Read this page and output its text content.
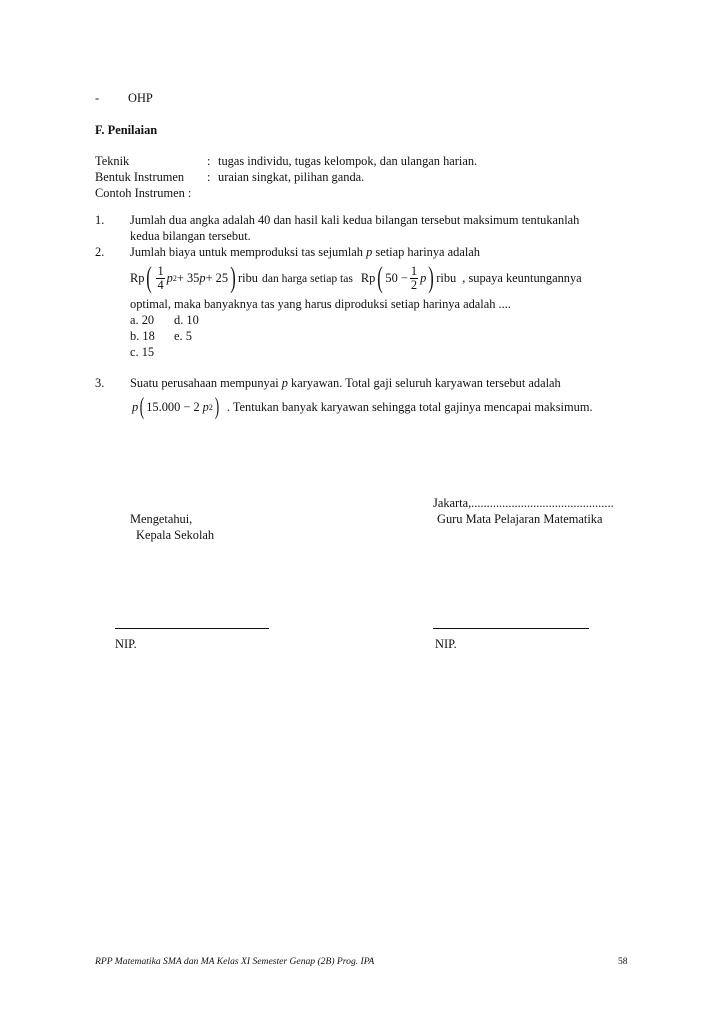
- OHP
F. Penilaian
Teknik	: tugas individu, tugas kelompok, dan ulangan harian.
Bentuk Instrumen : uraian singkat, pilihan ganda.
Contoh Instrumen :
1. Jumlah dua angka adalah 40 dan hasil kali kedua bilangan tersebut maksimum tentukanlah
kedua bilangan tersebut.
2. Jumlah biaya untuk memproduksi tas sejumlah p setiap harinya adalah
Rp ( $\frac{1}{4}$ p 2 + 35 p + 25 ) ribu dan harga setiap tas Rp ( $50 - \frac{1}{2}$ p ) ribu , supaya keuntungannya
optimal, maka banyaknya tas yang harus diproduksi setiap harinya adalah ....
a. 20 d. 10
b. 18 e. 5
c. 15
3. Suatu perusahaan mempunyai p karyawan. Total gaji seluruh karyawan tersebut adalah
p ( 15.000 − 2 p 2 ) . Tentukan banyak karyawan sehingga total gajinya mencapai maksimum.
Jakarta,..............................................
Mengetahui,	Guru Mata Pelajaran Matematika
Kepala Sekolah
NIP.	NIP.
RPP Matematika SMA dan MA Kelas XI Semester Genap (2B) Prog. IPA	58
